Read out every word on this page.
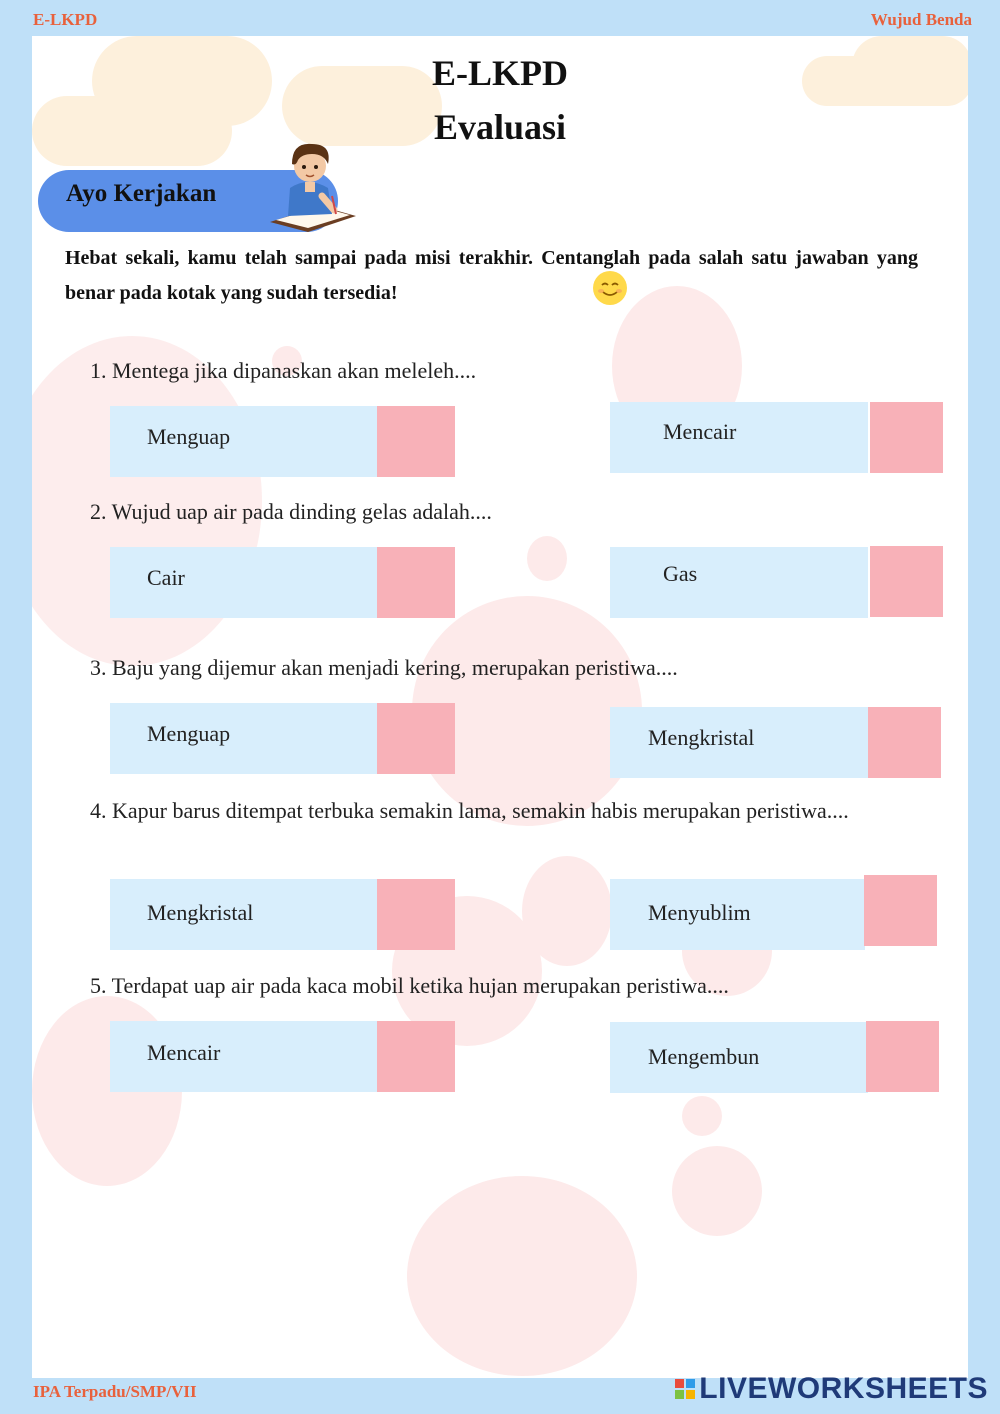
E-LKPD	Wujud Benda
E-LKPD
Evaluasi
Ayo Kerjakan
Hebat sekali, kamu telah sampai pada misi terakhir. Centanglah pada salah satu jawaban yang benar pada kotak yang sudah tersedia!
1. Mentega jika dipanaskan akan meleleh....
Menguap	Mencair
2. Wujud uap air pada dinding gelas adalah....
Cair	Gas
3. Baju yang dijemur akan menjadi kering, merupakan peristiwa....
Menguap	Mengkristal
4. Kapur barus ditempat terbuka semakin lama, semakin habis merupakan peristiwa....
Mengkristal	Menyublim
5. Terdapat uap air pada kaca mobil ketika hujan merupakan peristiwa....
Mencair	Mengembun
IPA Terpadu/SMP/VII	LIVEWORKSHEETS
